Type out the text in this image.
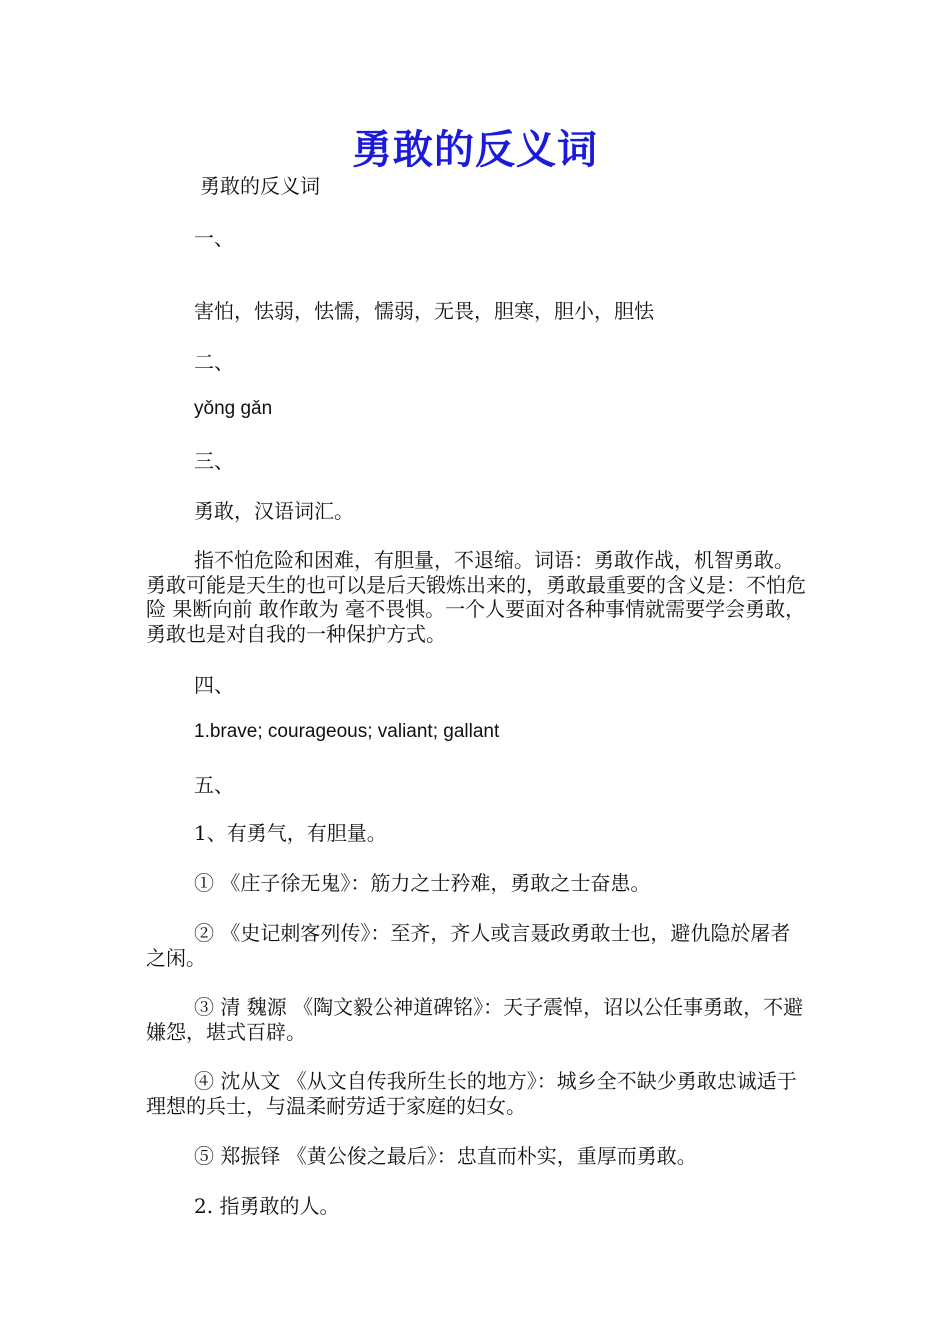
勇敢的反义词

勇敢的反义词

一、

害怕，怯弱，怯懦，懦弱，无畏，胆寒，胆小，胆怯

二、

yǒng gǎn

三、

勇敢，汉语词汇。

指不怕危险和困难，有胆量，不退缩。词语：勇敢作战，机智勇敢。勇敢可能是天生的也可以是后天锻炼出来的，勇敢最重要的含义是：不怕危险 果断向前 敢作敢为 毫不畏惧。一个人要面对各种事情就需要学会勇敢，勇敢也是对自我的一种保护方式。

四、

1.brave; courageous; valiant; gallant

五、

1、有勇气，有胆量。

① 《庄子徐无鬼》：筋力之士矜难，勇敢之士奋患。

② 《史记刺客列传》：至齐，齐人或言聂政勇敢士也，避仇隐於屠者之闲。

③ 清 魏源 《陶文毅公神道碑铭》：天子震悼，诏以公任事勇敢，不避嫌怨，堪式百辟。

④ 沈从文 《从文自传我所生长的地方》：城乡全不缺少勇敢忠诚适于理想的兵士，与温柔耐劳适于家庭的妇女。

⑤ 郑振铎 《黄公俊之最后》：忠直而朴实，重厚而勇敢。

2. 指勇敢的人。
